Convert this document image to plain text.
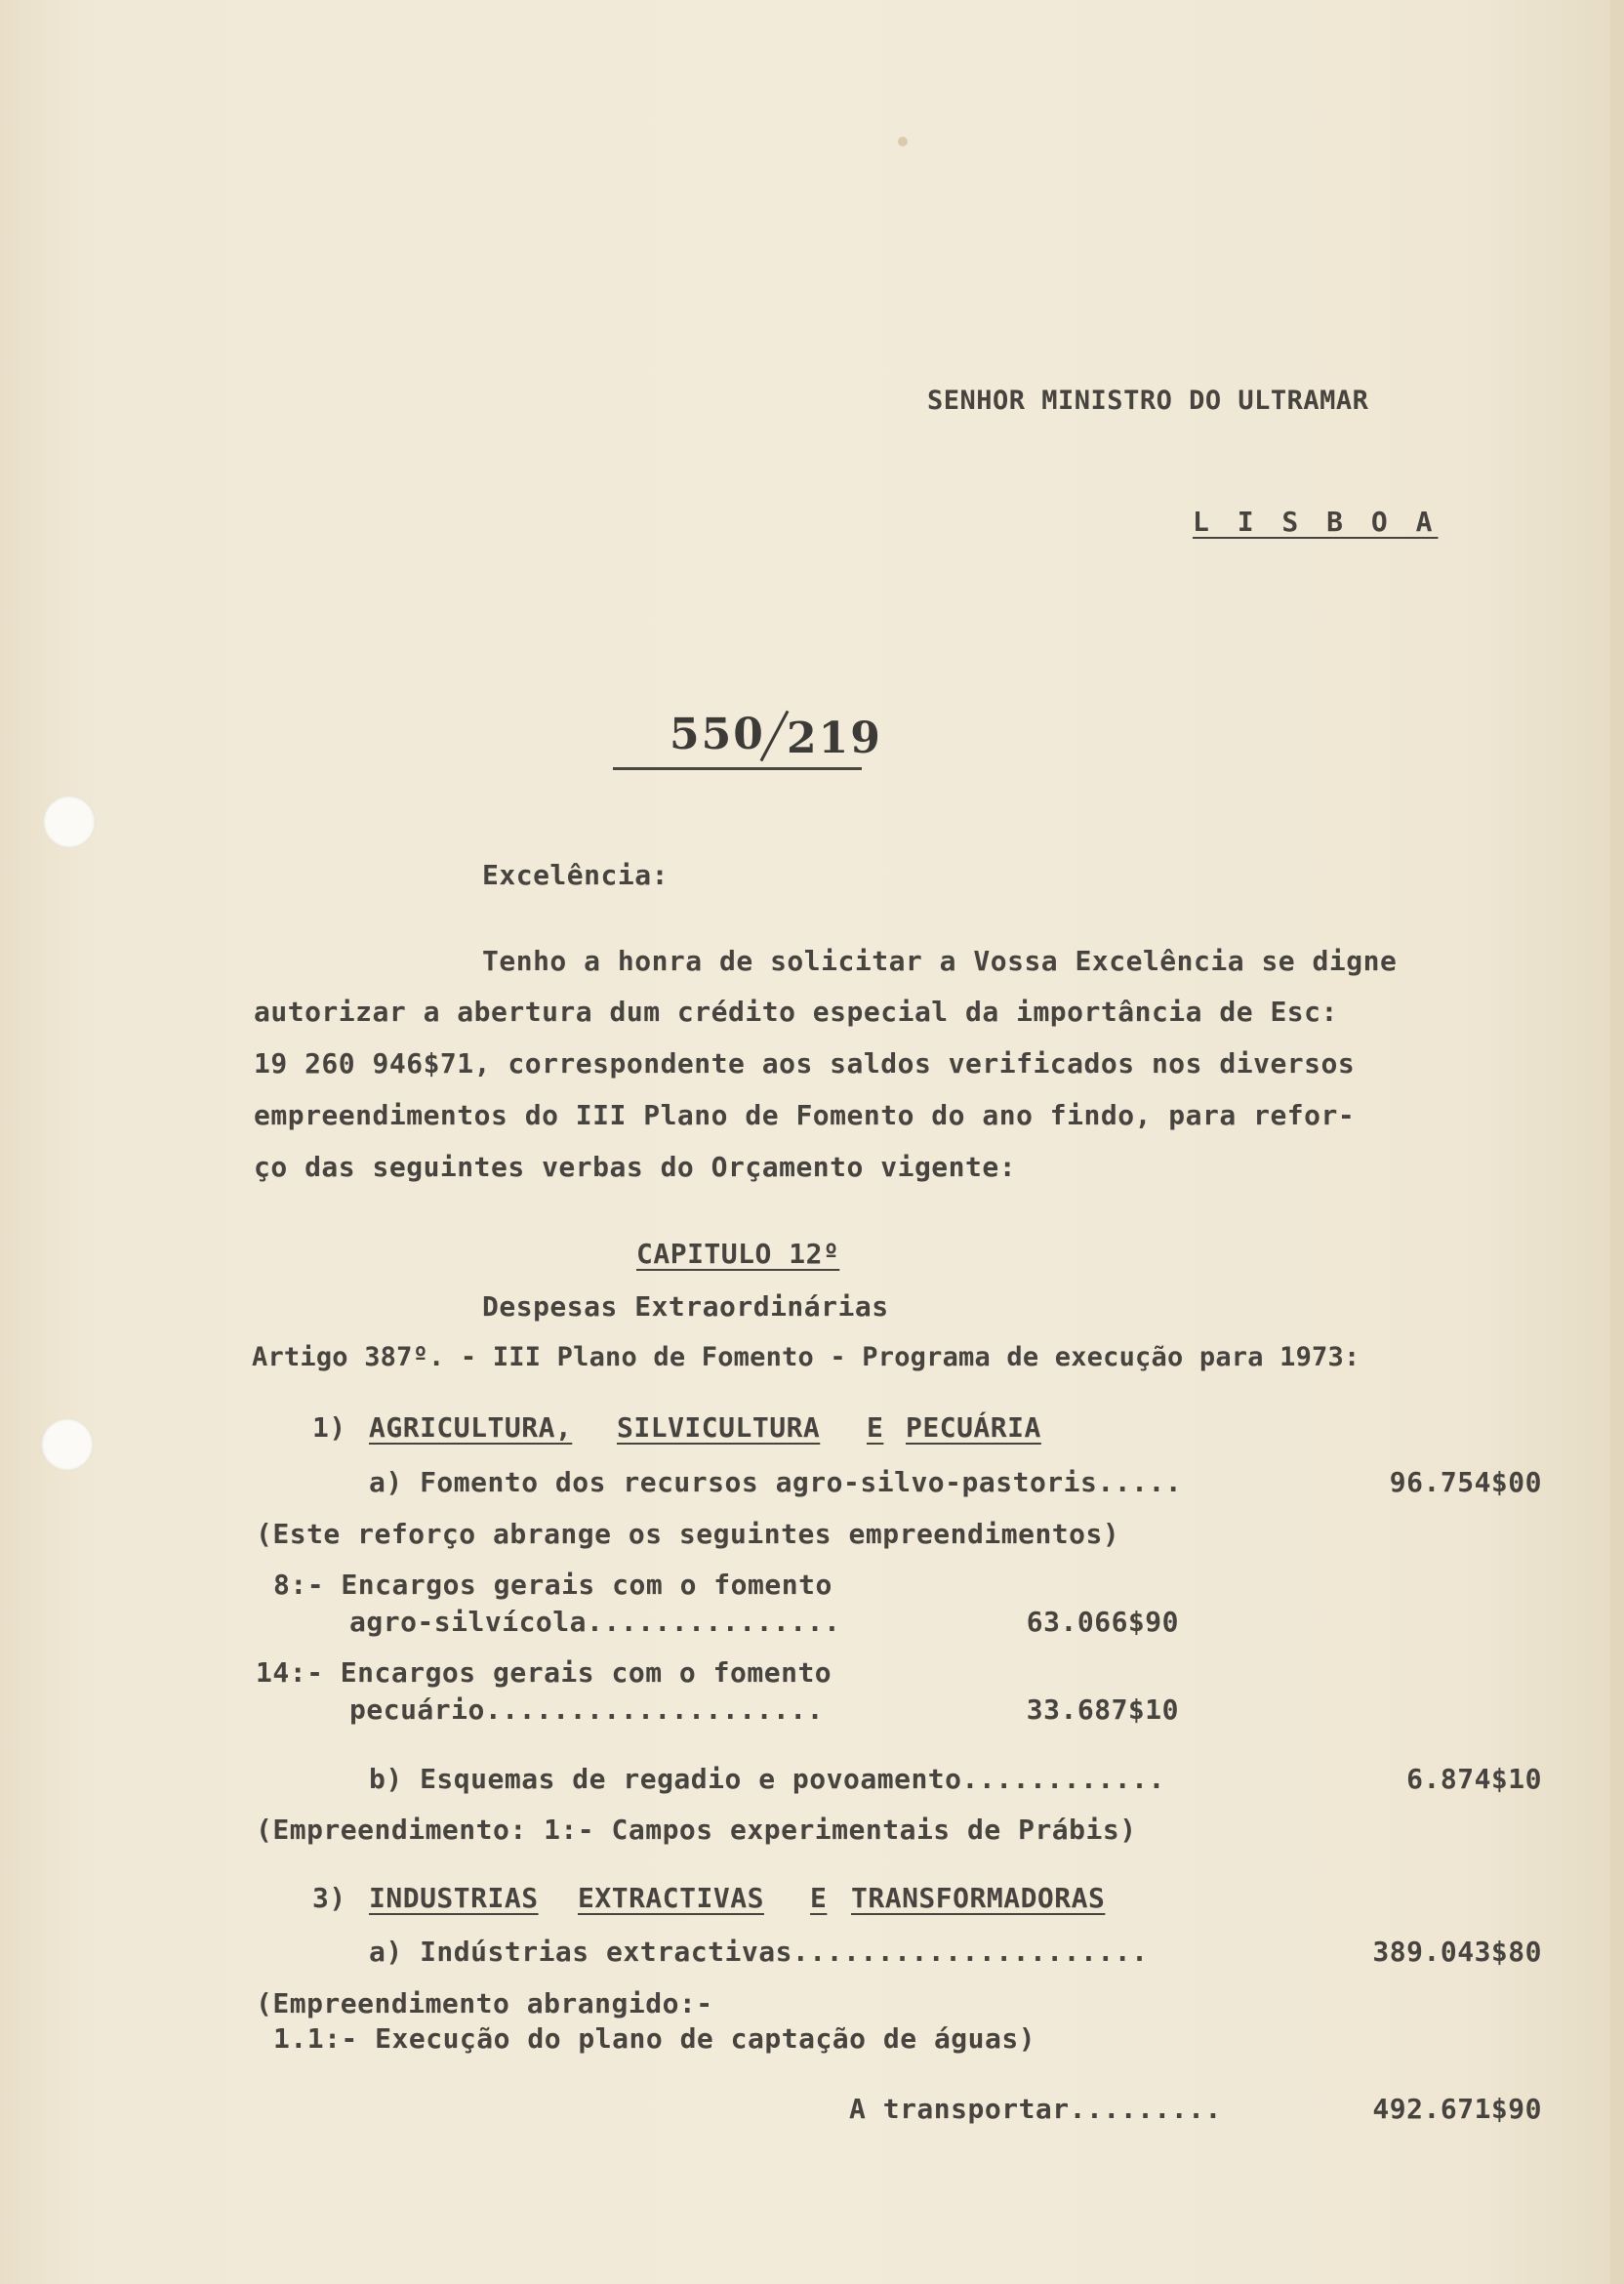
SENHOR MINISTRO DO ULTRAMAR
L I S B O A
550 219
Excelência:
Tenho a honra de solicitar a Vossa Excelência se digne
autorizar a abertura dum crédito especial da importância de Esc:
19 260 946$71, correspondente aos saldos verificados nos diversos
empreendimentos do III Plano de Fomento do ano findo, para refor-
ço das seguintes verbas do Orçamento vigente:
CAPITULO 12º
Despesas Extraordinárias
Artigo 387º. - III Plano de Fomento - Programa de execução para 1973:
1) AGRICULTURA, SILVICULTURA E PECUÁRIA
a) Fomento dos recursos agro-silvo-pastoris.....	96.754$00
(Este reforço abrange os seguintes empreendimentos)
8:- Encargos gerais com o fomento
agro-silvícola...............	63.066$90
14:- Encargos gerais com o fomento
pecuário....................	33.687$10
b) Esquemas de regadio e povoamento............	6.874$10
(Empreendimento: 1:- Campos experimentais de Prábis)
3) INDUSTRIAS EXTRACTIVAS E TRANSFORMADORAS
a) Indústrias extractivas.....................	389.043$80
(Empreendimento abrangido:-
1.1:- Execução do plano de captação de águas)
A transportar.........	492.671$90
